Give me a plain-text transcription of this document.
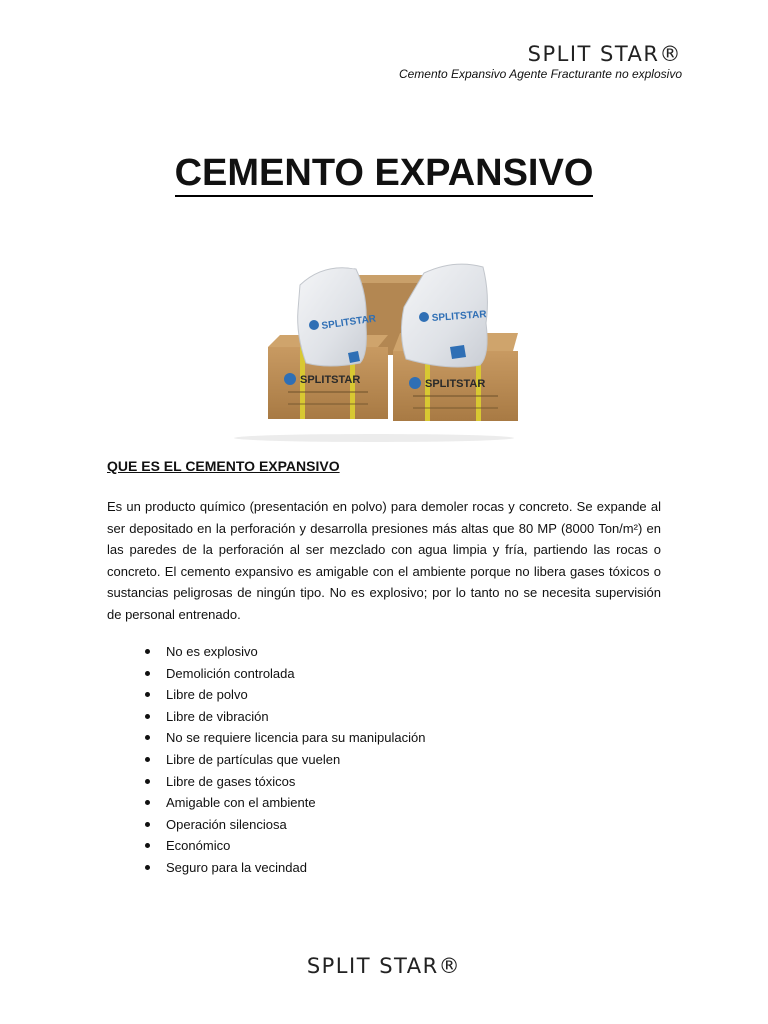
SPLIT STAR®
Cemento Expansivo Agente Fracturante no explosivo
CEMENTO EXPANSIVO
SPLITSTAR	SPLITSTAR
SPLITSTAR	SPLITSTAR
QUE ES EL CEMENTO EXPANSIVO

Es un producto químico (presentación en polvo) para demoler rocas y concreto. Se expande al ser depositado en la perforación y desarrolla presiones más altas que 80 MP (8000 Ton/m²) en las paredes de la perforación al ser mezclado con agua limpia y fría, partiendo las rocas o concreto. El cemento expansivo es amigable con el ambiente porque no libera gases tóxicos o sustancias peligrosas de ningún tipo. No es explosivo; por lo tanto no se necesita supervisión de personal entrenado.

No es explosivo
Demolición controlada
Libre de polvo
Libre de vibración
No se requiere licencia para su manipulación
Libre de partículas que vuelen
Libre de gases tóxicos
Amigable con el ambiente
Operación silenciosa
Económico
Seguro para la vecindad
SPLIT STAR®
